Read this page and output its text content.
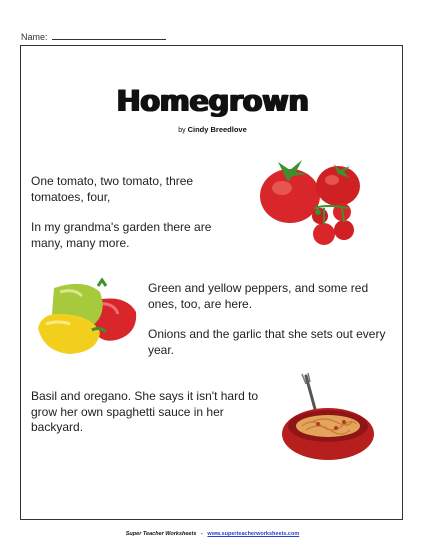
Name:
Homegrown
by Cindy Breedlove

One tomato, two tomato, three tomatoes, four,

In my grandma's garden there are many, many more.

Green and yellow peppers, and some red ones, too, are here.

Onions and the garlic that she sets out every year.

Basil and oregano. She says it isn't hard to grow her own spaghetti sauce in her backyard.

Super Teacher Worksheets - www.superteacherworksheets.com
